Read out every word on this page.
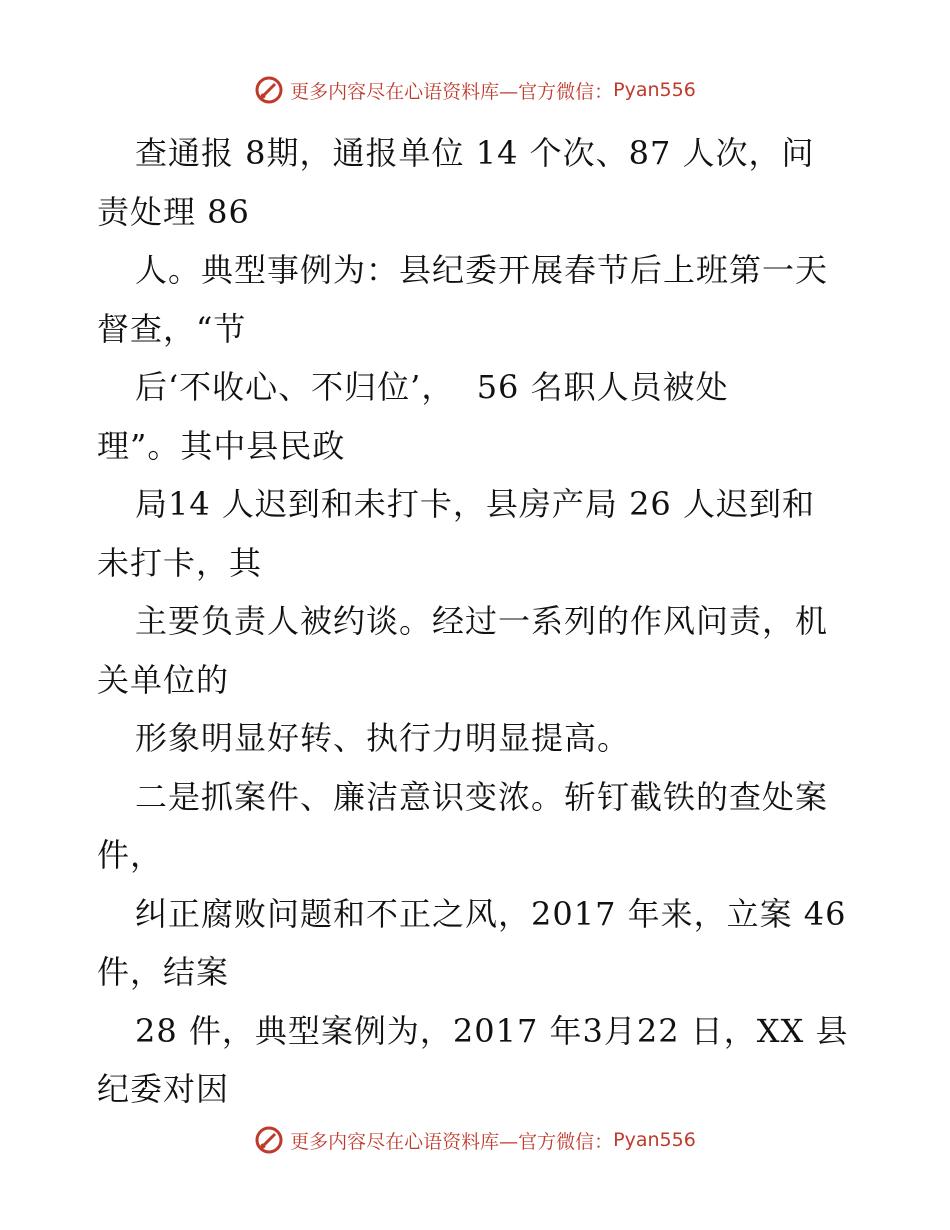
更多内容尽在心语资料库—官方微信： Pyan556
查通报 8期，通报单位 14 个次、87 人次，问
责处理 86
人。典型事例为：县纪委开展春节后上班第一天
督查，“节
后‘不收心、不归位’，  56 名职人员被处
理”。其中县民政
局14 人迟到和未打卡，县房产局 26 人迟到和
未打卡，其
主要负责人被约谈。经过一系列的作风问责，机
关单位的
形象明显好转、执行力明显提高。
二是抓案件、廉洁意识变浓。斩钉截铁的查处案
件，
纠正腐败问题和不正之风，2017 年来，立案 46
件，结案
28 件，典型案例为，2017 年3月22 日，XX 县
纪委对因
更多内容尽在心语资料库—官方微信： Pyan556
